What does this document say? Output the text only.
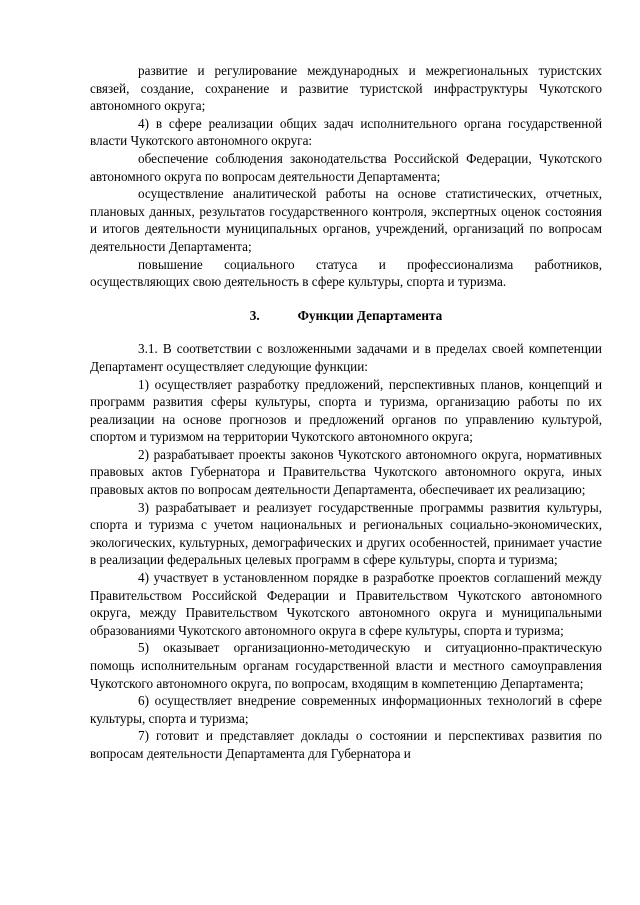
развитие и регулирование международных и межрегиональных туристских связей, создание, сохранение и развитие туристской инфраструктуры Чукотского автономного округа;

4) в сфере реализации общих задач исполнительного органа государственной власти Чукотского автономного округа:

обеспечение соблюдения законодательства Российской Федерации, Чукотского автономного округа по вопросам деятельности Департамента;

осуществление аналитической работы на основе статистических, отчетных, плановых данных, результатов государственного контроля, экспертных оценок состояния и итогов деятельности муниципальных органов, учреждений, организаций по вопросам деятельности Департамента;

повышение социального статуса и профессионализма работников, осуществляющих свою деятельность в сфере культуры, спорта и туризма.

3.	Функции Департамента

3.1. В соответствии с возложенными задачами и в пределах своей компетенции Департамент осуществляет следующие функции:

1) осуществляет разработку предложений, перспективных планов, концепций и программ развития сферы культуры, спорта и туризма, организацию работы по их реализации на основе прогнозов и предложений органов по управлению культурой, спортом и туризмом на территории Чукотского автономного округа;

2) разрабатывает проекты законов Чукотского автономного округа, нормативных правовых актов Губернатора и Правительства Чукотского автономного округа, иных правовых актов по вопросам деятельности Департамента, обеспечивает их реализацию;

3) разрабатывает и реализует государственные программы развития культуры, спорта и туризма с учетом национальных и региональных социально-экономических, экологических, культурных, демографических и других особенностей, принимает участие в реализации федеральных целевых программ в сфере культуры, спорта и туризма;

4) участвует в установленном порядке в разработке проектов соглашений между Правительством Российской Федерации и Правительством Чукотского автономного округа, между Правительством Чукотского автономного округа и муниципальными образованиями Чукотского автономного округа в сфере культуры, спорта и туризма;

5) оказывает организационно-методическую и ситуационно-практическую помощь исполнительным органам государственной власти и местного самоуправления Чукотского автономного округа, по вопросам, входящим в компетенцию Департамента;

6) осуществляет внедрение современных информационных технологий в сфере культуры, спорта и туризма;

7) готовит и представляет доклады о состоянии и перспективах развития по вопросам деятельности Департамента для Губернатора и
